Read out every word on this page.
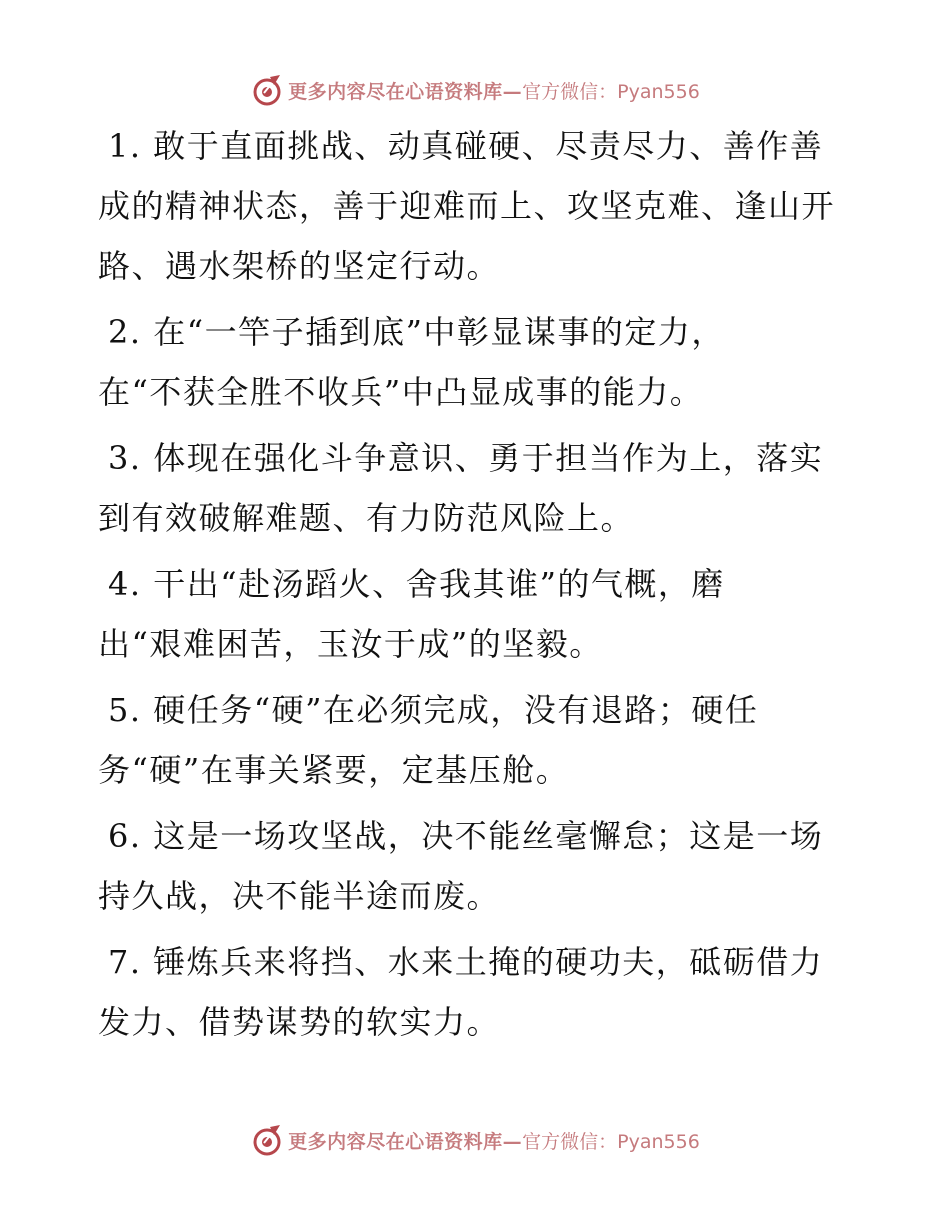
更多内容尽在心语资料库— 官方微信：Pyan556
1. 敢于直面挑战、动真碰硬、尽责尽力、善作善
成的精神状态，善于迎难而上、攻坚克难、逢山开
路、遇水架桥的坚定行动。
2. 在“一竿子插到底”中彰显谋事的定力，
在“不获全胜不收兵”中凸显成事的能力。
3. 体现在强化斗争意识、勇于担当作为上，落实
到有效破解难题、有力防范风险上。
4. 干出“赴汤蹈火、舍我其谁”的气概，磨
出“艰难困苦，玉汝于成”的坚毅。
5. 硬任务“硬”在必须完成，没有退路；硬任
务“硬”在事关紧要，定基压舱。
6. 这是一场攻坚战，决不能丝毫懈怠；这是一场
持久战，决不能半途而废。
7. 锤炼兵来将挡、水来土掩的硬功夫，砥砺借力
发力、借势谋势的软实力。
更多内容尽在心语资料库— 官方微信：Pyan556
